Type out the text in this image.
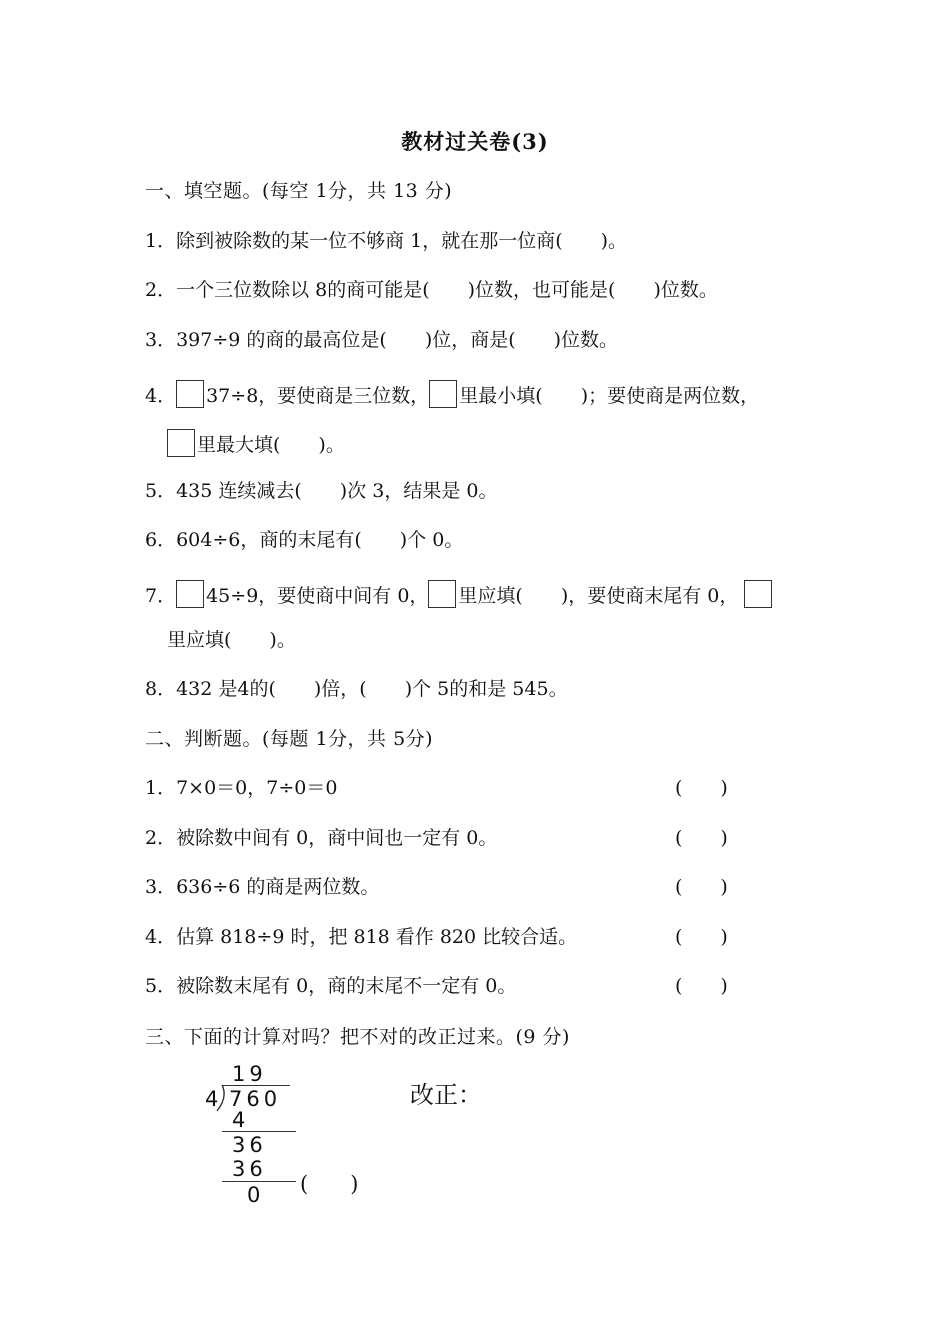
教材过关卷(3)
一、填空题。(每空 1分，共 13 分)
1．除到被除数的某一位不够商 1，就在那一位商(　　)。
2．一个三位数除以 8的商可能是(　　)位数，也可能是(　　)位数。
3．397÷9 的商的最高位是(　　)位，商是(　　)位数。
4． 37÷8，要使商是三位数， 里最小填(　　)；要使商是两位数，
里最大填(　　)。
5．435 连续减去(　　)次 3，结果是 0。
6．604÷6，商的末尾有(　　)个 0。
7． 45÷9，要使商中间有 0， 里应填(　　)，要使商末尾有 0，
里应填(　　)。
8．432 是4的(　　)倍，(　　)个 5的和是 545。
二、判断题。(每题 1分，共 5分)
1．7×0＝0，7÷0＝0	(　　)
2．被除数中间有 0，商中间也一定有 0。	(　　)
3．636÷6 的商是两位数。	(　　)
4．估算 818÷9 时，把 818 看作 820 比较合适。	(　　)
5．被除数末尾有 0，商的末尾不一定有 0。	(　　)
三、下面的计算对吗？把不对的改正过来。(9 分)
19
4 760
4
36
36
0 (　　)
改正：
